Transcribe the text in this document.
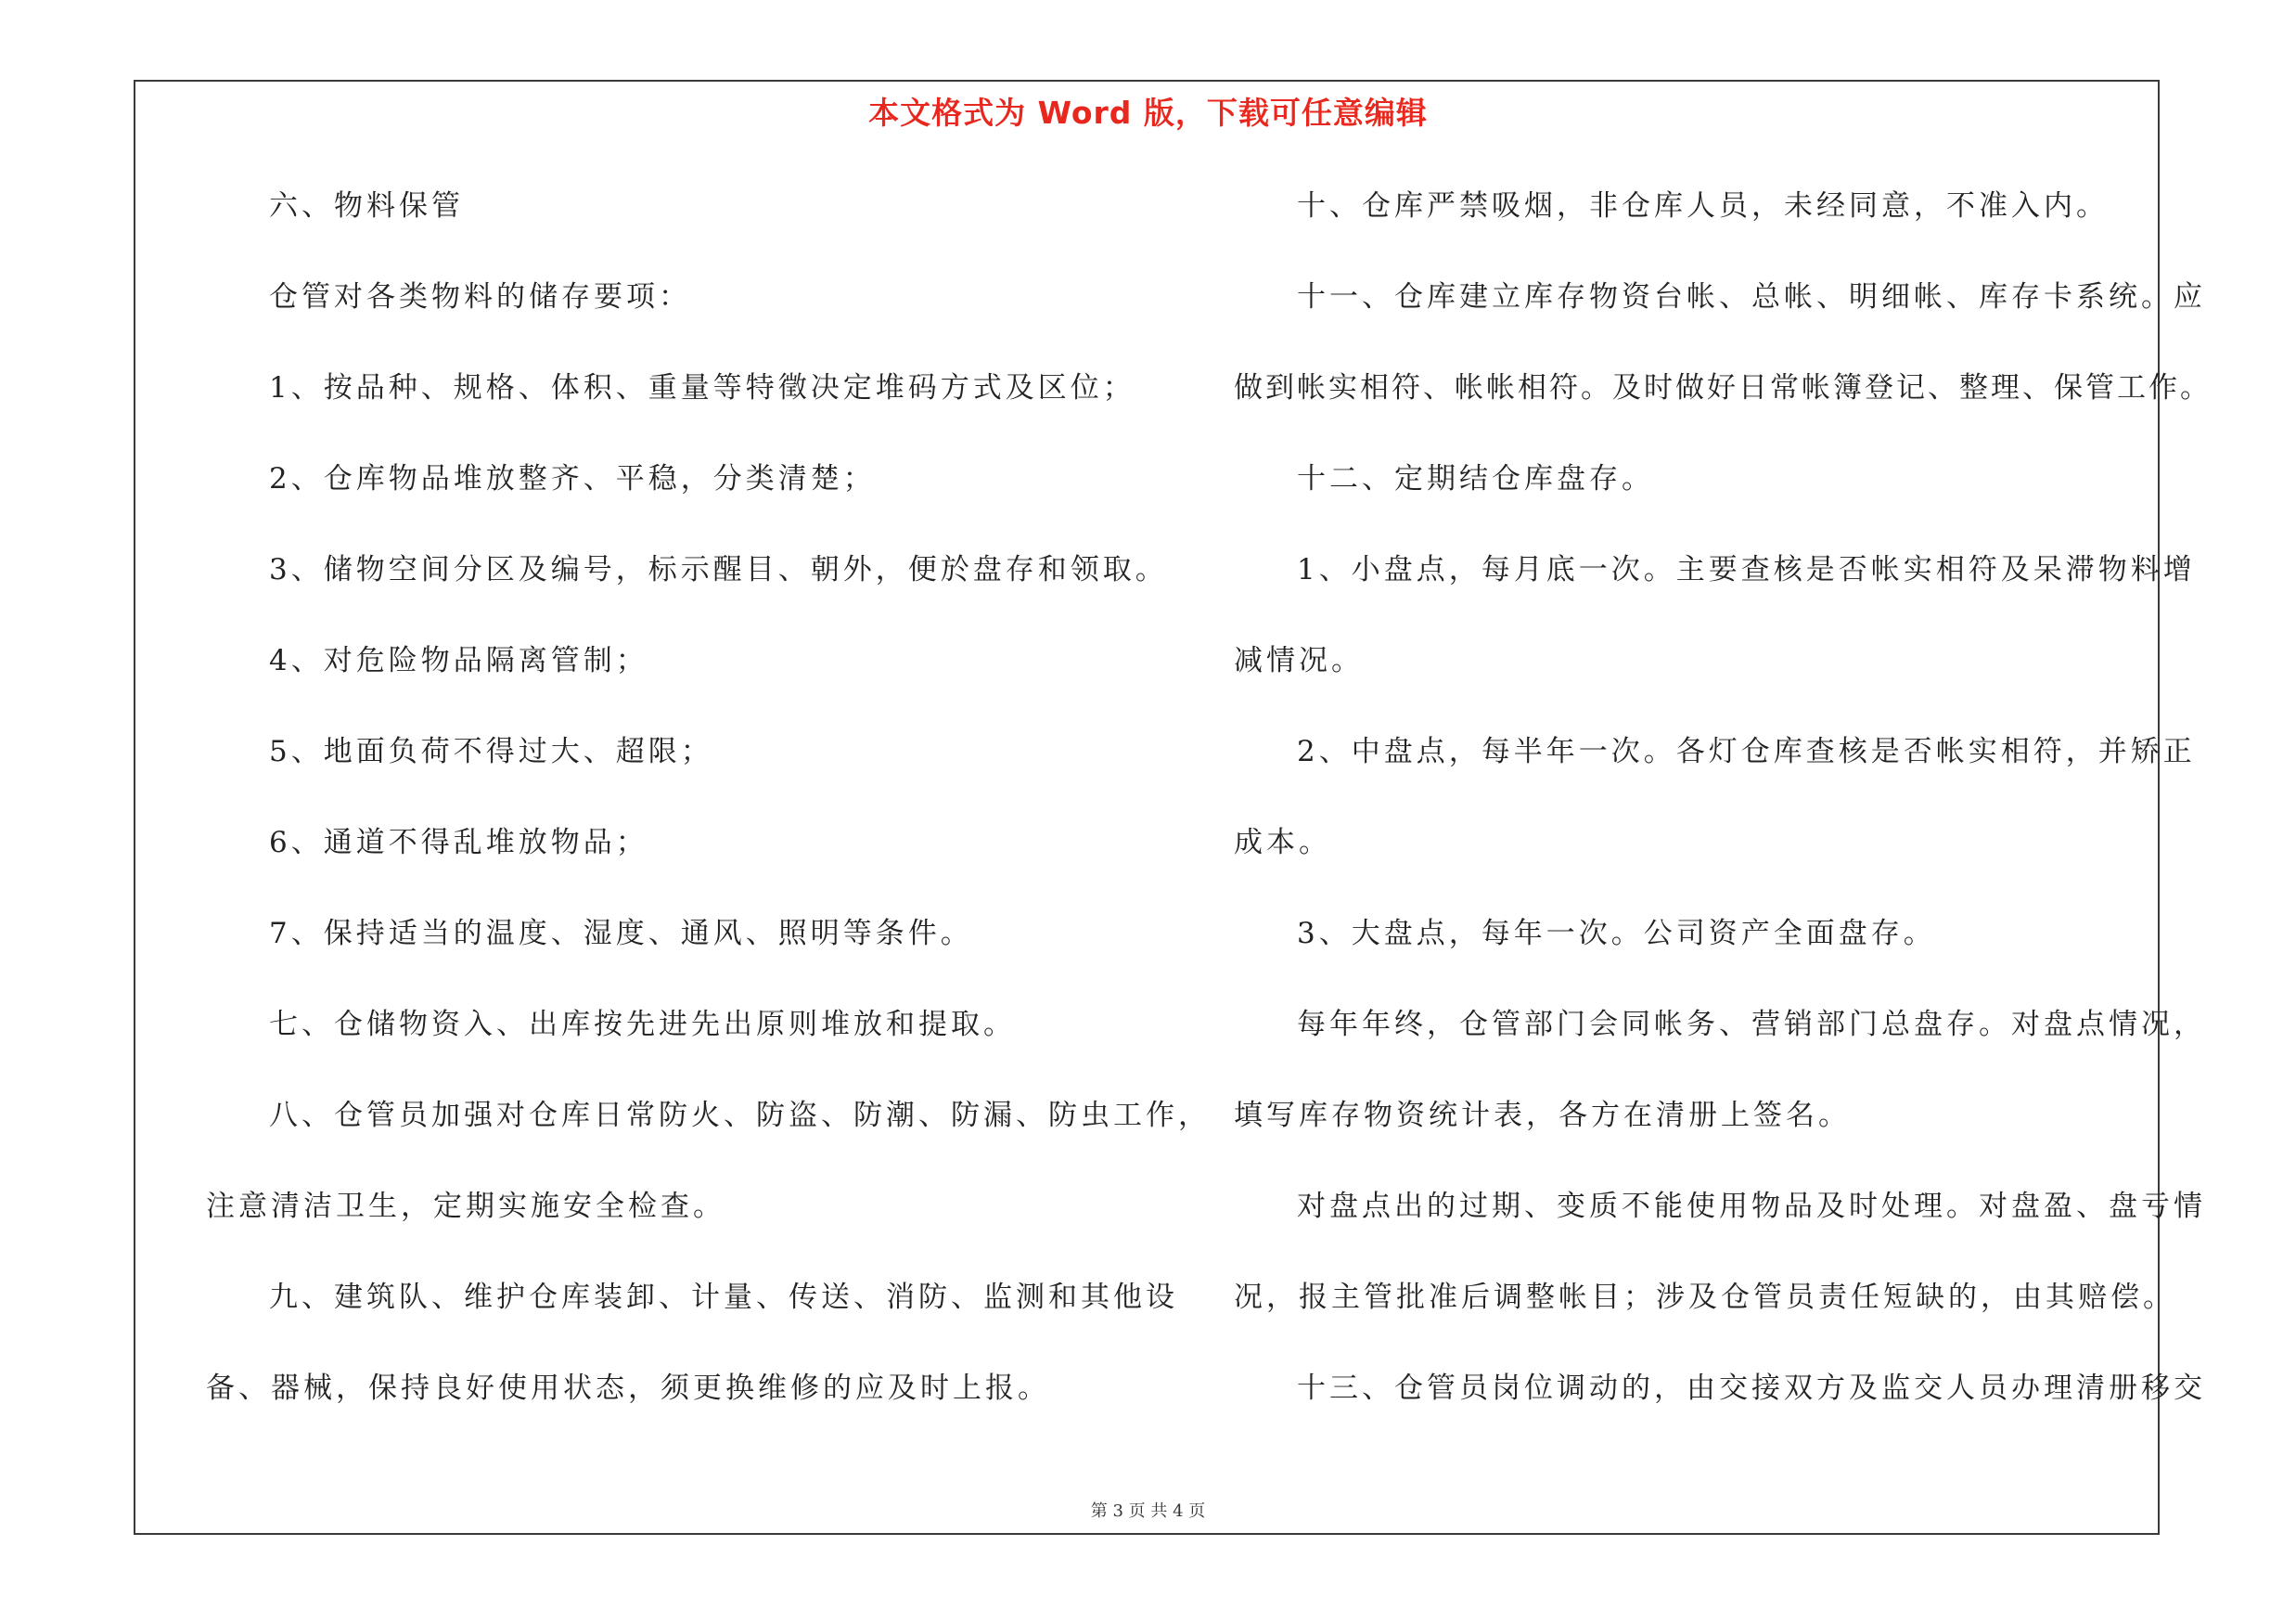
本文格式为 Word 版，下载可任意编辑
六、物料保管
仓管对各类物料的储存要项：
1、按品种、规格、体积、重量等特徵决定堆码方式及区位；
2、仓库物品堆放整齐、平稳，分类清楚；
3、储物空间分区及编号，标示醒目、朝外，便於盘存和领取。
4、对危险物品隔离管制；
5、地面负荷不得过大、超限；
6、通道不得乱堆放物品；
7、保持适当的温度、湿度、通风、照明等条件。
七、仓储物资入、出库按先进先出原则堆放和提取。
八、仓管员加强对仓库日常防火、防盗、防潮、防漏、防虫工作，
注意清洁卫生，定期实施安全检查。
九、建筑队、维护仓库装卸、计量、传送、消防、监测和其他设
备、器械，保持良好使用状态，须更换维修的应及时上报。
十、仓库严禁吸烟，非仓库人员，未经同意，不准入内。
十一、仓库建立库存物资台帐、总帐、明细帐、库存卡系统。应
做到帐实相符、帐帐相符。及时做好日常帐簿登记、整理、保管工作。
十二、定期结仓库盘存。
1、小盘点，每月底一次。主要查核是否帐实相符及呆滞物料增
减情况。
2、中盘点，每半年一次。各灯仓库查核是否帐实相符，并矫正
成本。
3、大盘点，每年一次。公司资产全面盘存。
每年年终，仓管部门会同帐务、营销部门总盘存。对盘点情况，
填写库存物资统计表，各方在清册上签名。
对盘点出的过期、变质不能使用物品及时处理。对盘盈、盘亏情
况，报主管批准后调整帐目；涉及仓管员责任短缺的，由其赔偿。
十三、仓管员岗位调动的，由交接双方及监交人员办理清册移交
第 3 页 共 4 页
